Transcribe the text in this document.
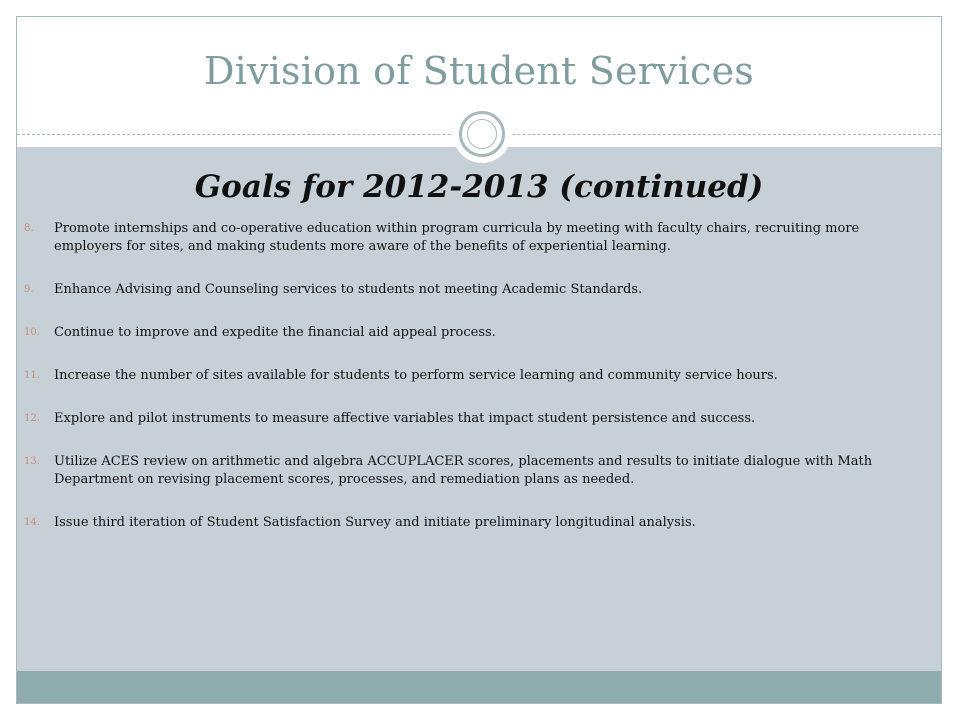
Division of Student Services
Goals for 2012-2013 (continued)
8.	Promote internships and co-operative education within program curricula by meeting with faculty chairs, recruiting more employers for sites, and making students more aware of the benefits of experiential learning.
9.	Enhance Advising and Counseling services to students not meeting Academic Standards.
10.	Continue to improve and expedite the financial aid appeal process.
11.	Increase the number of sites available for students to perform service learning and community service hours.
12.	Explore and pilot instruments to measure affective variables that impact student persistence and success.
13.	Utilize ACES review on arithmetic and algebra ACCUPLACER scores, placements and results to initiate dialogue with Math Department on revising placement scores, processes, and remediation plans as needed.
14.	Issue third iteration of Student Satisfaction Survey and initiate preliminary longitudinal analysis.
